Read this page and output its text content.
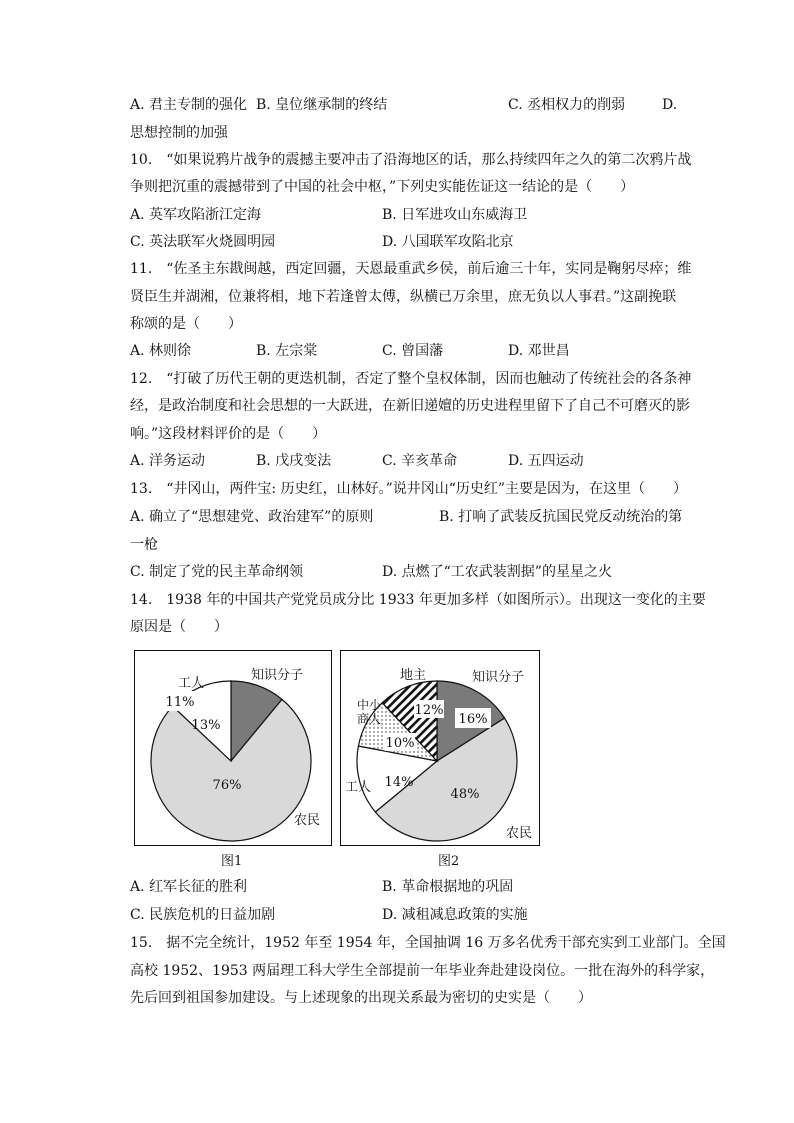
A. 君主专制的强化 B. 皇位继承制的终结	C. 丞相权力的削弱	D.
思想控制的加强
10.　“如果说鸦片战争的震撼主要冲击了沿海地区的话，那么持续四年之久的第二次鸦片战
争则把沉重的震撼带到了中国的社会中枢，”下列史实能佐证这一结论的是（　　）
A. 英军攻陷浙江定海	B. 日军进攻山东威海卫
C. 英法联军火烧圆明园	D. 八国联军攻陷北京
11.　“佐圣主东戡闽越，西定回疆，天恩最重武乡侯，前后逾三十年，实同是鞠躬尽瘁；维
贤臣生并湖湘，位兼将相，地下若逢曾太傅，纵横已万余里，庶无负以人事君。”这副挽联
称颂的是（　　）
A. 林则徐	B. 左宗棠	C. 曾国藩	D. 邓世昌
12.　“打破了历代王朝的更迭机制，否定了整个皇权体制，因而也触动了传统社会的各条神
经，是政治制度和社会思想的一大跃进，在新旧递嬗的历史进程里留下了自己不可磨灭的影
响。”这段材料评价的是（　　）
A. 洋务运动	B. 戊戌变法	C. 辛亥革命	D. 五四运动
13.　“井冈山，两件宝: 历史红，山林好。”说井冈山“历史红”主要是因为，在这里（　　）
A. 确立了“思想建党、政治建军”的原则	B. 打响了武装反抗国民党反动统治的第
一枪
C. 制定了党的民主革命纲领	D. 点燃了“工农武装割据”的星星之火
14.　1938 年的中国共产党党员成分比 1933 年更加多样（如图所示）。出现这一变化的主要
原因是（　　）
11%
知识分子
76%
农民
13%
工人
图1
16%
知识分子
48%
农民
14%
工人
10%
中小
商人
12%
地主
图2
A. 红军长征的胜利	B. 革命根据地的巩固
C. 民族危机的日益加剧	D. 减租减息政策的实施
15.　据不完全统计，1952 年至 1954 年，全国抽调 16 万多名优秀干部充实到工业部门。全国
高校 1952、1953 两届理工科大学生全部提前一年毕业奔赴建设岗位。一批在海外的科学家，
先后回到祖国参加建设。与上述现象的出现关系最为密切的史实是（　　）
